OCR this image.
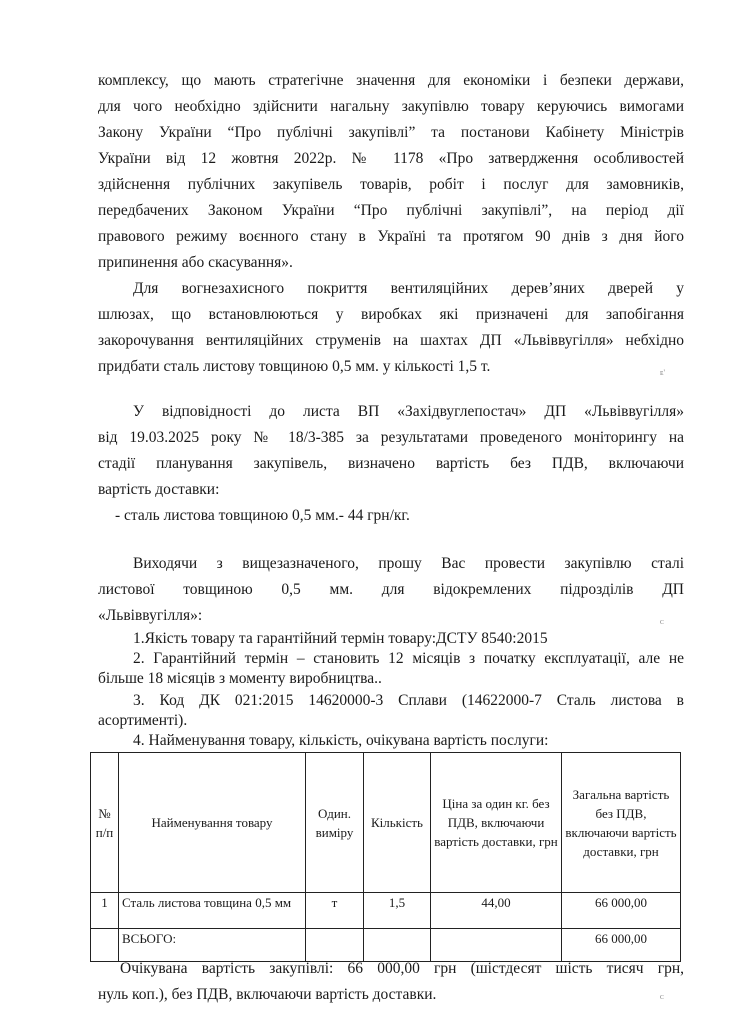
комплексу, що мають стратегічне значення для економіки і безпеки держави,
для чого необхідно здійснити нагальну закупівлю товару керуючись вимогами
Закону України “Про публічні закупівлі” та постанови Кабінету Міністрів
України від 12 жовтня 2022р. № 1178 «Про затвердження особливостей
здійснення публічних закупівель товарів, робіт і послуг для замовників,
передбачених Законом України “Про публічні закупівлі”, на період дії
правового режиму воєнного стану в Україні та протягом 90 днів з дня його
припинення або скасування».
Для вогнезахисного покриття вентиляційних дерев’яних дверей у
шлюзах, що встановлюються у виробках які призначені для запобігання
закорочування вентиляційних струменів на шахтах ДП «Львіввугілля» небхідно
придбати сталь листову товщиною 0,5 мм. у кількості 1,5 т.	ᴇ'
У відповідності до листа ВП «Західвуглепостач» ДП «Львіввугілля»
від 19.03.2025 року № 18/3-385 за результатами проведеного моніторингу на
стадії планування закупівель, визначено вартість без ПДВ, включаючи
вартість доставки:
- сталь листова товщиною 0,5 мм.- 44 грн/кг.
Виходячи з вищезазначеного, прошу Вас провести закупівлю сталі
листової товщиною 0,5 мм. для відокремлених підрозділів ДП
«Львіввугілля»:	ᴄ
1.Якість товару та гарантійний термін товару:ДСТУ 8540:2015
2. Гарантійний термін – становить 12 місяців з початку експлуатації, але не
більше 18 місяців з моменту виробництва..
3. Код ДК 021:2015 14620000-3 Сплави (14622000-7 Сталь листова в
асортименті).
4. Найменування товару, кількість, очікувана вартість послуги:
№ п/п	Найменування товару	Один. виміру	Кількість	Ціна за один кг. без ПДВ, включаючи вартість доставки, грн	Загальна вартість без ПДВ, включаючи вартість доставки, грн
1	Сталь листова товщина 0,5 мм	т	1,5	44,00	66 000,00
	ВСЬОГО:				66 000,00
Очікувана вартість закупівлі: 66 000,00 грн (шістдесят шість тисяч грн,
нуль коп.), без ПДВ, включаючи вартість доставки.	ᴄ
